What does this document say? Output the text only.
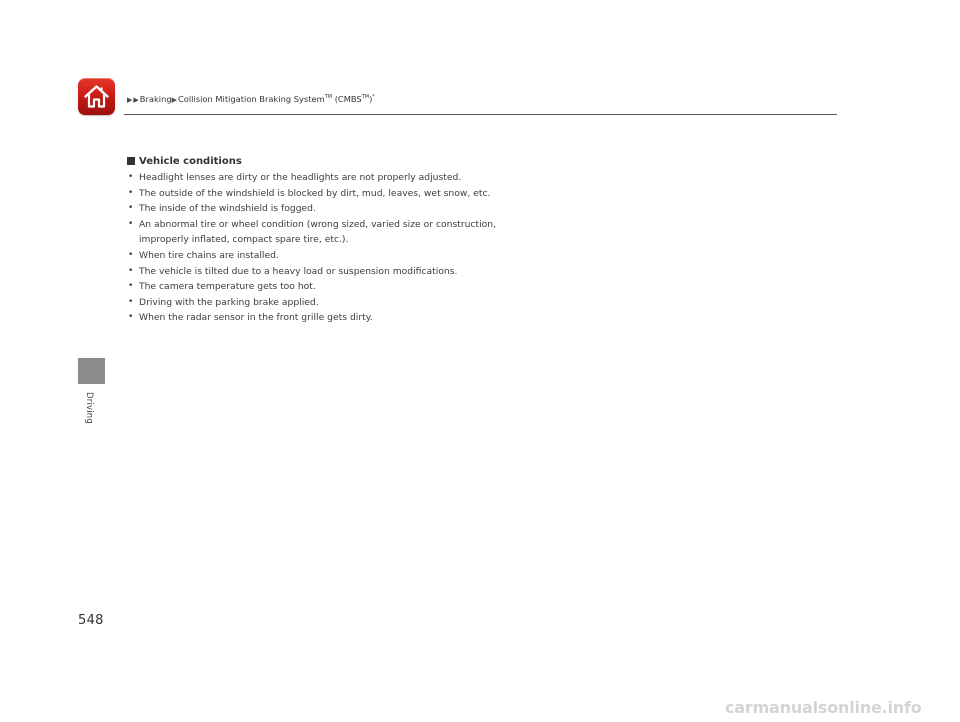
▶▶Braking▶Collision Mitigation Braking System™ (CMBS™)*
Driving
Vehicle conditions
• Headlight lenses are dirty or the headlights are not properly adjusted.
• The outside of the windshield is blocked by dirt, mud, leaves, wet snow, etc.
• The inside of the windshield is fogged.
• An abnormal tire or wheel condition (wrong sized, varied size or construction,
improperly inflated, compact spare tire, etc.).
• When tire chains are installed.
• The vehicle is tilted due to a heavy load or suspension modifications.
• The camera temperature gets too hot.
• Driving with the parking brake applied.
• When the radar sensor in the front grille gets dirty.
548
carmanualsonline.info
